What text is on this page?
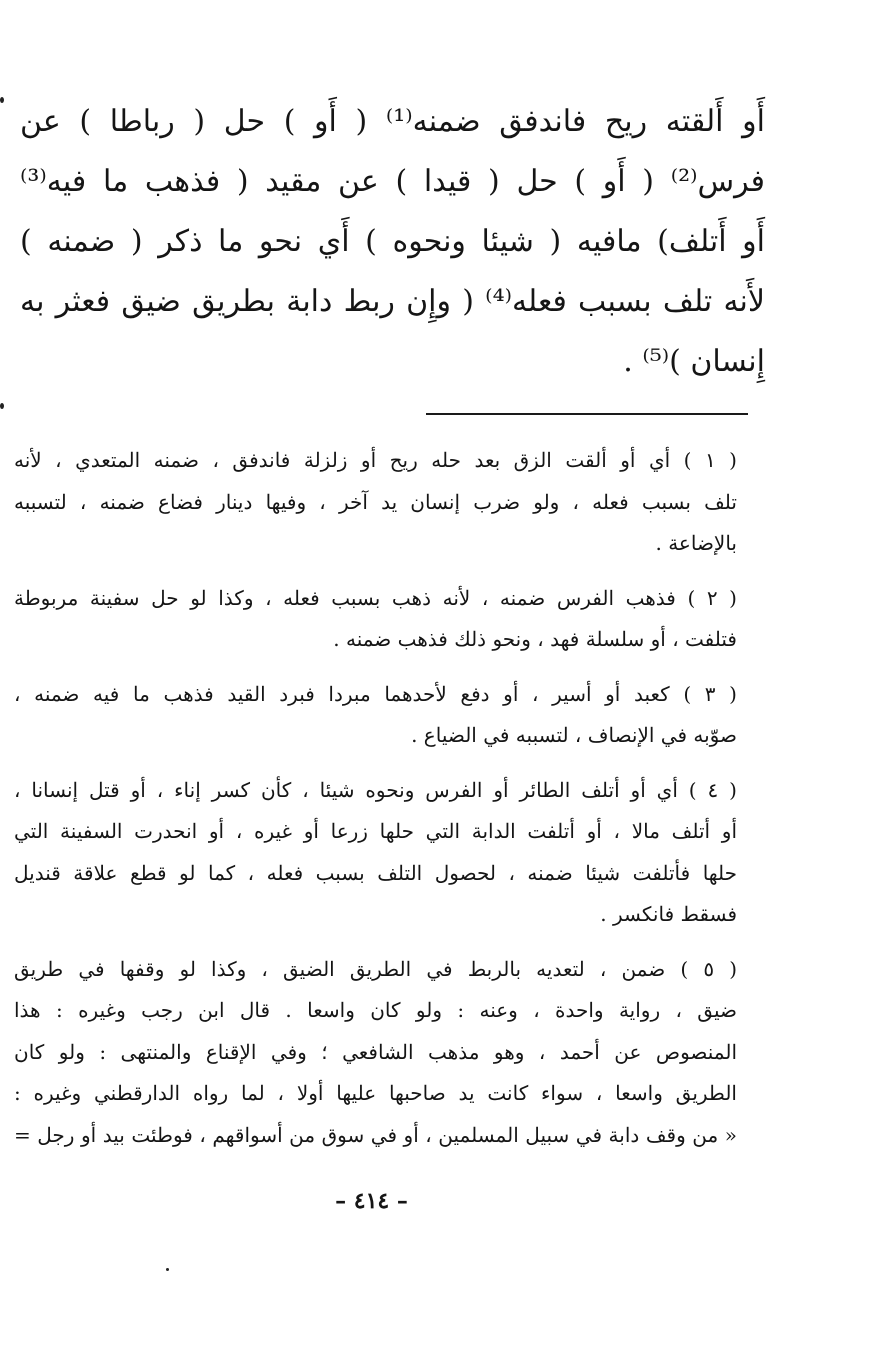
أَو أَلقته ريح فاندفق ضمنه⁽¹⁾ ( أَو ) حل ( رباطا ) عن
فرس⁽²⁾ ( أَو ) حل ( قيدا ) عن مقيد ( فذهب ما فيه⁽³⁾
أَو أَتلف) مافيه ( شيئا ونحوه ) أَي نحو ما ذكر ( ضمنه )
لأَنه تلف بسبب فعله⁽⁴⁾ ( وإِن ربط دابة بطريق ضيق فعثر به
إِنسان )⁽⁵⁾ .
( ١ ) أي أو ألقت الزق بعد حله ريح أو زلزلة فاندفق ، ضمنه المتعدي ، لأنه
تلف بسبب فعله ، ولو ضرب إنسان يد آخر ، وفيها دينار فضاع ضمنه ، لتسببه
بالإضاعة .
( ٢ ) فذهب الفرس ضمنه ، لأنه ذهب بسبب فعله ، وكذا لو حل سفينة مربوطة
فتلفت ، أو سلسلة فهد ، ونحو ذلك فذهب ضمنه .
( ٣ ) كعبد أو أسير ، أو دفع لأحدهما مبردا فبرد القيد فذهب ما فيه ضمنه ،
صوّبه في الإنصاف ، لتسببه في الضياع .
( ٤ ) أي أو أتلف الطائر أو الفرس ونحوه شيئا ، كأن كسر إناء ، أو قتل إنسانا ،
أو أتلف مالا ، أو أتلفت الدابة التي حلها زرعا أو غيره ، أو انحدرت السفينة التي
حلها فأتلفت شيئا ضمنه ، لحصول التلف بسبب فعله ، كما لو قطع علاقة قنديل
فسقط فانكسر .
( ٥ ) ضمن ، لتعديه بالربط في الطريق الضيق ، وكذا لو وقفها في طريق
ضيق ، رواية واحدة ، وعنه : ولو كان واسعا . قال ابن رجب وغيره : هذا
المنصوص عن أحمد ، وهو مذهب الشافعي ؛ وفي الإقناع والمنتهى : ولو كان
الطريق واسعا ، سواء كانت يد صاحبها عليها أولا ، لما رواه الدارقطني وغيره :
« من وقف دابة في سبيل المسلمين ، أو في سوق من أسواقهم ، فوطئت بيد أو رجل =
– ٤١٤ –
